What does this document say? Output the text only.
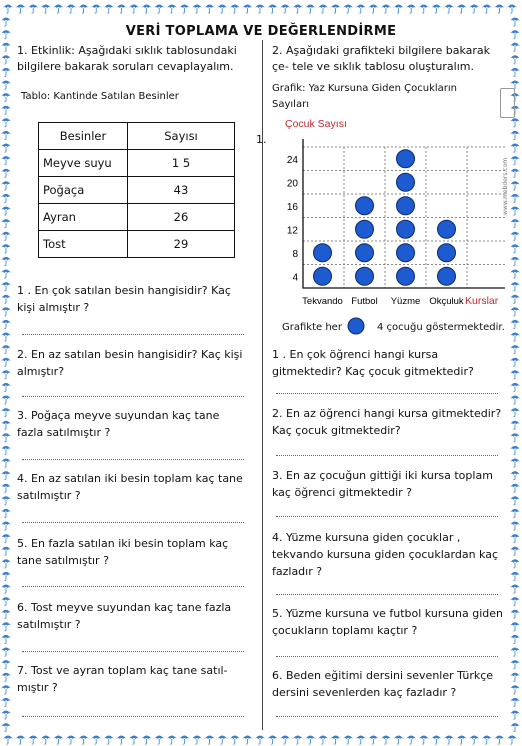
VERİ TOPLAMA VE DEĞERLENDİRME

1. Etkinlik: Aşağıdaki sıklık tablosundaki bilgilere bakarak soruları cevaplayalım.

Tablo: Kantinde Satılan Besinler

Besinler	Sayısı
Meyve suyu	1 5
Poğaça	43
Ayran	26
Tost	29
1 . En çok satılan besin hangisidir? Kaç kişi almıştır ?
2. En az satılan besin hangisidir? Kaç kişi almıştır?
3. Poğaça meyve suyundan kaç tane fazla satılmıştır ?
4. En az satılan iki besin toplam kaç tane satılmıştır ?
5. En fazla satılan iki besin toplam kaç tane satılmıştır ?
6. Tost meyve suyundan kaç tane fazla satılmıştır ?
7. Tost ve ayran toplam kaç tane satıl- mıştır ?

2. Aşağıdaki grafikteki bilgilere bakarak çe- tele ve sıklık tablosu oluşturalım.

Grafik: Yaz Kursuna Giden Çocukların Sayıları

1.
Çocuk Sayısı
4
8
12
16
20
24
Tekvando Futbol Yüzme Okçuluk Kurslar
Grafikte her	4 çocuğu göstermektedir.
1 . En çok öğrenci hangi kursa gitmektedir? Kaç çocuk gitmektedir?
2. En az öğrenci hangi kursa gitmektedir? Kaç çocuk gitmektedir?
3. En az çocuğun gittiği iki kursa toplam kaç öğrenci gitmektedir ?
4. Yüzme kursuna giden çocuklar , tekvando kursuna giden çocuklardan kaç fazladır ?
5. Yüzme kursuna ve futbol kursuna giden çocukların toplamı kaçtır ?
6. Beden eğitimi dersini sevenler Türkçe dersini sevenlerden kaç fazladır ?
www.mebders.com
